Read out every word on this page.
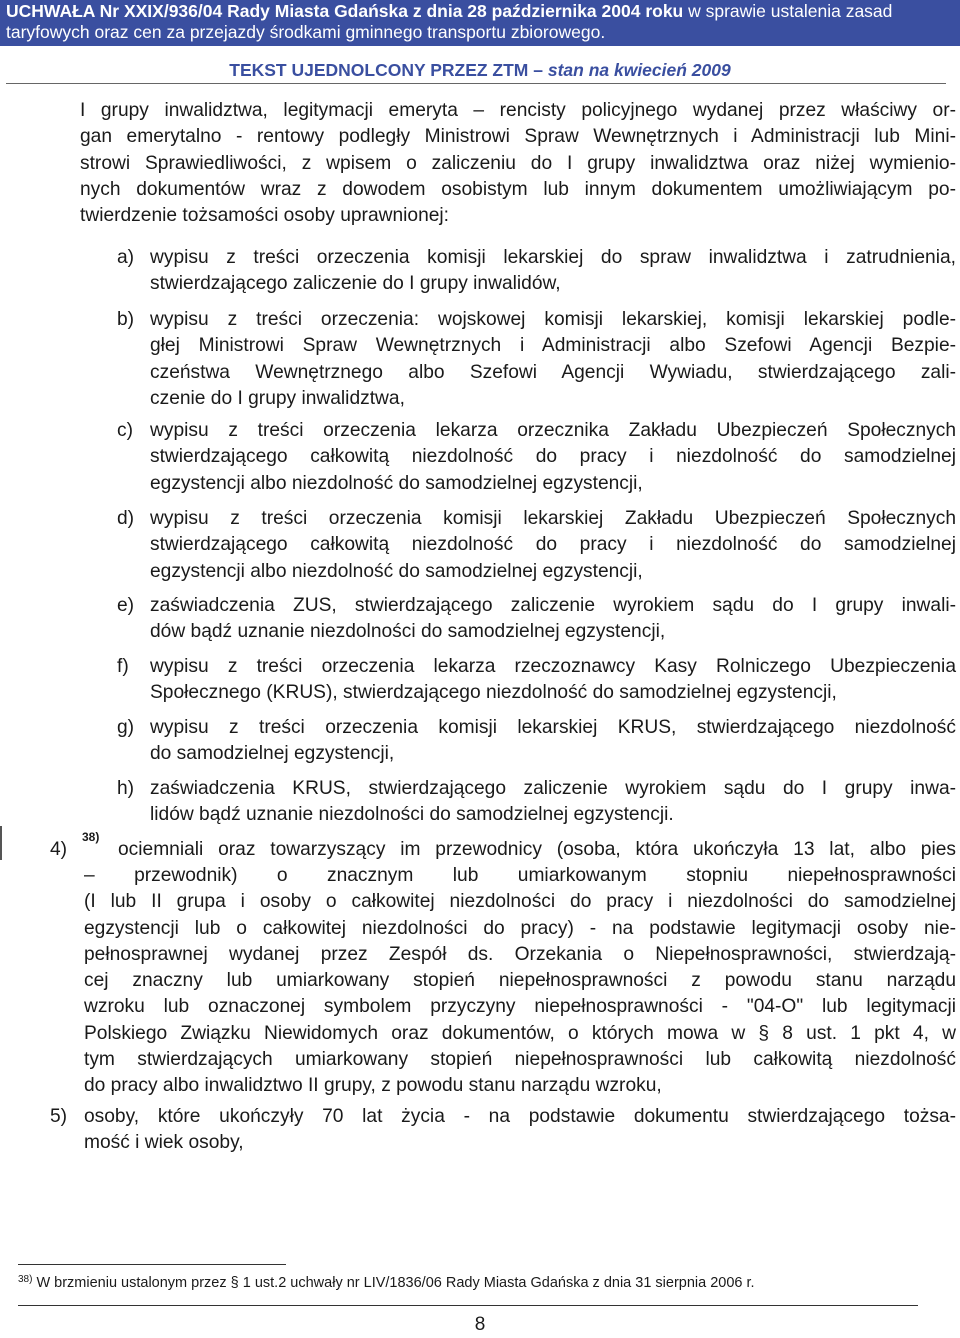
UCHWAŁA Nr XXIX/936/04 Rady Miasta Gdańska z dnia 28 października 2004 roku w sprawie ustalenia zasad
taryfowych oraz cen za przejazdy środkami gminnego transportu zbiorowego.
TEKST UJEDNOLCONY PRZEZ ZTM – stan na kwiecień 2009
I grupy inwalidztwa, legitymacji emeryta – rencisty policyjnego wydanej przez właściwy or-
gan emerytalno - rentowy podległy Ministrowi Spraw Wewnętrznych i Administracji lub Mini-
strowi Sprawiedliwości, z wpisem o zaliczeniu do I grupy inwalidztwa oraz niżej wymienio-
nych dokumentów wraz z dowodem osobistym lub innym dokumentem umożliwiającym po-
twierdzenie tożsamości osoby uprawnionej:
a) wypisu z treści orzeczenia komisji lekarskiej do spraw inwalidztwa i zatrudnienia,
stwierdzającego zaliczenie do I grupy inwalidów,
b) wypisu z treści orzeczenia: wojskowej komisji lekarskiej, komisji lekarskiej podle-
głej Ministrowi Spraw Wewnętrznych i Administracji albo Szefowi Agencji Bezpie-
czeństwa Wewnętrznego albo Szefowi Agencji Wywiadu, stwierdzającego zali-
czenie do I grupy inwalidztwa,
c) wypisu z treści orzeczenia lekarza orzecznika Zakładu Ubezpieczeń Społecznych
stwierdzającego całkowitą niezdolność do pracy i niezdolność do samodzielnej
egzystencji albo niezdolność do samodzielnej egzystencji,
d) wypisu z treści orzeczenia komisji lekarskiej Zakładu Ubezpieczeń Społecznych
stwierdzającego całkowitą niezdolność do pracy i niezdolność do samodzielnej
egzystencji albo niezdolność do samodzielnej egzystencji,
e) zaświadczenia ZUS, stwierdzającego zaliczenie wyrokiem sądu do I grupy inwali-
dów bądź uznanie niezdolności do samodzielnej egzystencji,
f) wypisu z treści orzeczenia lekarza rzeczoznawcy Kasy Rolniczego Ubezpieczenia
Społecznego (KRUS), stwierdzającego niezdolność do samodzielnej egzystencji,
g) wypisu z treści orzeczenia komisji lekarskiej KRUS, stwierdzającego niezdolność
do samodzielnej egzystencji,
h) zaświadczenia KRUS, stwierdzającego zaliczenie wyrokiem sądu do I grupy inwa-
lidów bądź uznanie niezdolności do samodzielnej egzystencji.
4)
38)
ociemniali oraz towarzyszący im przewodnicy (osoba, która ukończyła 13 lat, albo pies
– przewodnik) o znacznym lub umiarkowanym stopniu niepełnosprawności
(I lub II grupa i osoby o całkowitej niezdolności do pracy i niezdolności do samodzielnej
egzystencji lub o całkowitej niezdolności do pracy) - na podstawie legitymacji osoby nie-
pełnosprawnej wydanej przez Zespół ds. Orzekania o Niepełnosprawności, stwierdzają-
cej znaczny lub umiarkowany stopień niepełnosprawności z powodu stanu narządu
wzroku lub oznaczonej symbolem przyczyny niepełnosprawności - "04-O" lub legitymacji
Polskiego Związku Niewidomych oraz dokumentów, o których mowa w § 8 ust. 1 pkt 4, w
tym stwierdzających umiarkowany stopień niepełnosprawności lub całkowitą niezdolność
do pracy albo inwalidztwo II grupy, z powodu stanu narządu wzroku,
5) osoby, które ukończyły 70 lat życia - na podstawie dokumentu stwierdzającego tożsa-
mość i wiek osoby,
$^{38)}$ W brzmieniu ustalonym przez § 1 ust.2 uchwały nr LIV/1836/06 Rady Miasta Gdańska z dnia 31 sierpnia 2006 r.
8
